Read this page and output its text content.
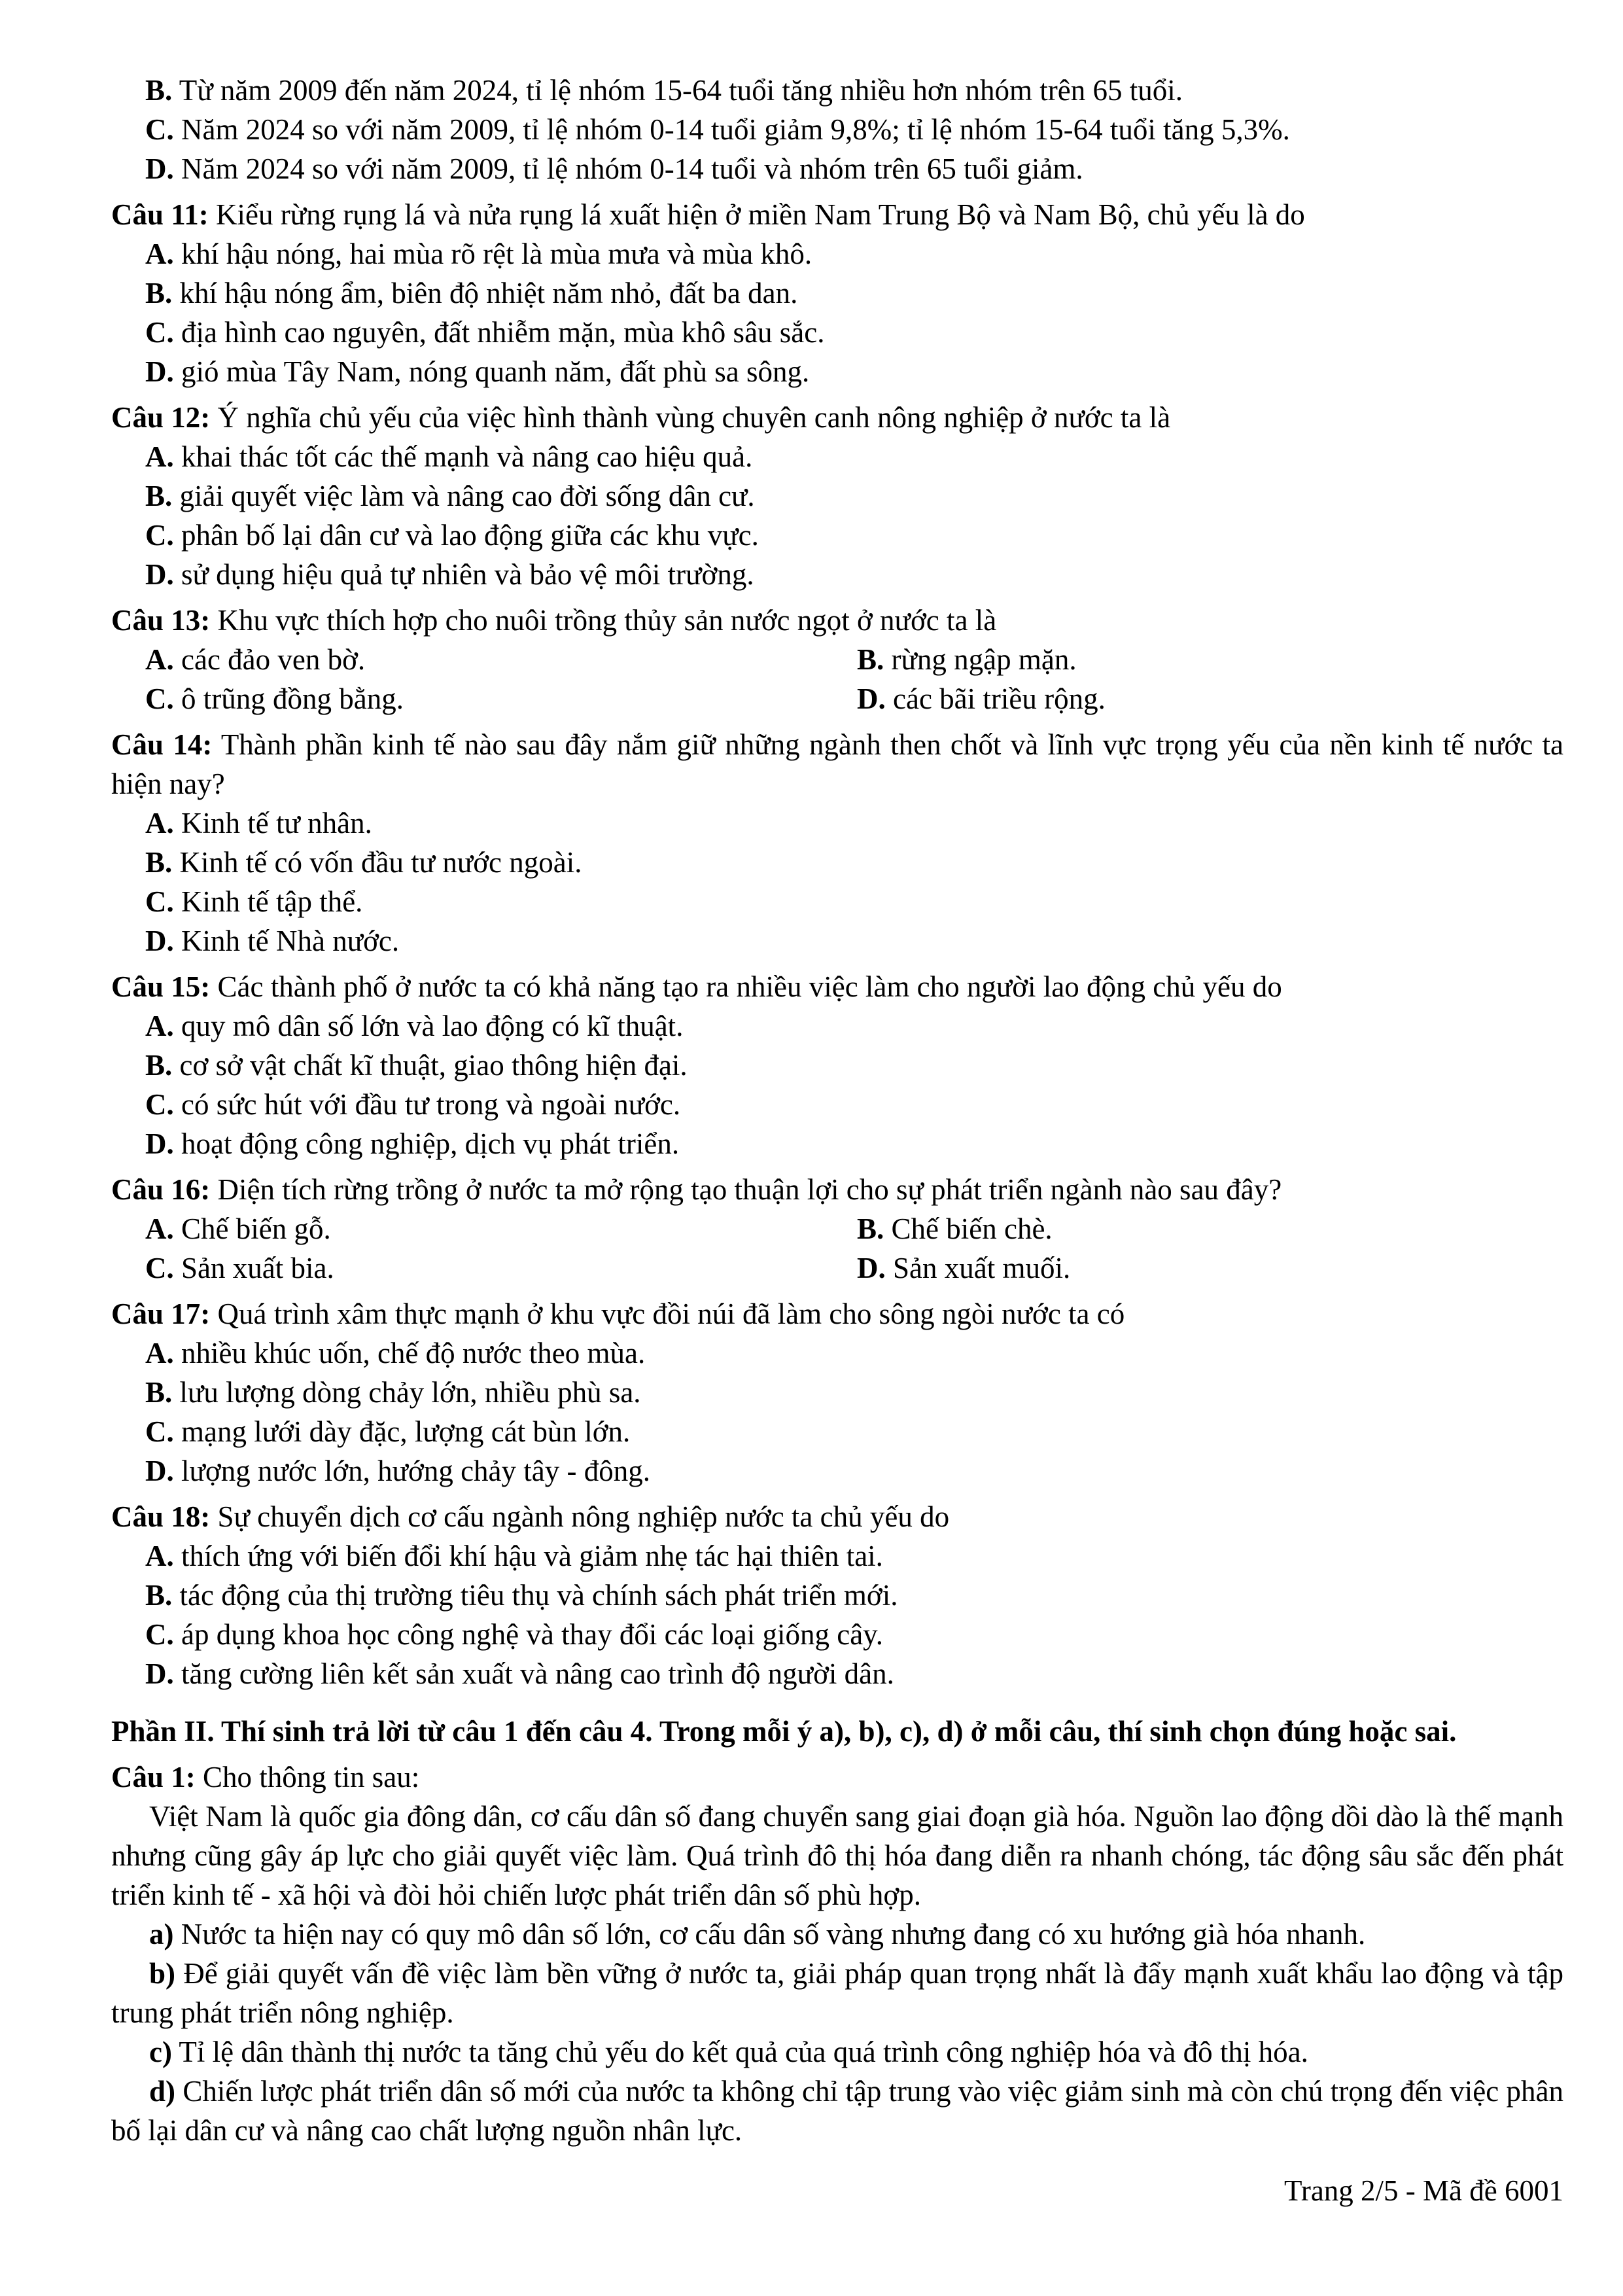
B. Từ năm 2009 đến năm 2024, tỉ lệ nhóm 15-64 tuổi tăng nhiều hơn nhóm trên 65 tuổi.

C. Năm 2024 so với năm 2009, tỉ lệ nhóm 0-14 tuổi giảm 9,8%; tỉ lệ nhóm 15-64 tuổi tăng 5,3%.

D. Năm 2024 so với năm 2009, tỉ lệ nhóm 0-14 tuổi và nhóm trên 65 tuổi giảm.

Câu 11: Kiểu rừng rụng lá và nửa rụng lá xuất hiện ở miền Nam Trung Bộ và Nam Bộ, chủ yếu là do

A. khí hậu nóng, hai mùa rõ rệt là mùa mưa và mùa khô.

B. khí hậu nóng ẩm, biên độ nhiệt năm nhỏ, đất ba dan.

C. địa hình cao nguyên, đất nhiễm mặn, mùa khô sâu sắc.

D. gió mùa Tây Nam, nóng quanh năm, đất phù sa sông.

Câu 12: Ý nghĩa chủ yếu của việc hình thành vùng chuyên canh nông nghiệp ở nước ta là

A. khai thác tốt các thế mạnh và nâng cao hiệu quả.

B. giải quyết việc làm và nâng cao đời sống dân cư.

C. phân bố lại dân cư và lao động giữa các khu vực.

D. sử dụng hiệu quả tự nhiên và bảo vệ môi trường.

Câu 13: Khu vực thích hợp cho nuôi trồng thủy sản nước ngọt ở nước ta là

A. các đảo ven bờ.	B. rừng ngập mặn.

C. ô trũng đồng bằng.	D. các bãi triều rộng.

Câu 14: Thành phần kinh tế nào sau đây nắm giữ những ngành then chốt và lĩnh vực trọng yếu của nền kinh tế nước ta hiện nay?

A. Kinh tế tư nhân.

B. Kinh tế có vốn đầu tư nước ngoài.

C. Kinh tế tập thể.

D. Kinh tế Nhà nước.

Câu 15: Các thành phố ở nước ta có khả năng tạo ra nhiều việc làm cho người lao động chủ yếu do

A. quy mô dân số lớn và lao động có kĩ thuật.

B. cơ sở vật chất kĩ thuật, giao thông hiện đại.

C. có sức hút với đầu tư trong và ngoài nước.

D. hoạt động công nghiệp, dịch vụ phát triển.

Câu 16: Diện tích rừng trồng ở nước ta mở rộng tạo thuận lợi cho sự phát triển ngành nào sau đây?

A. Chế biến gỗ.	B. Chế biến chè.

C. Sản xuất bia.	D. Sản xuất muối.

Câu 17: Quá trình xâm thực mạnh ở khu vực đồi núi đã làm cho sông ngòi nước ta có

A. nhiều khúc uốn, chế độ nước theo mùa.

B. lưu lượng dòng chảy lớn, nhiều phù sa.

C. mạng lưới dày đặc, lượng cát bùn lớn.

D. lượng nước lớn, hướng chảy tây - đông.

Câu 18: Sự chuyển dịch cơ cấu ngành nông nghiệp nước ta chủ yếu do

A. thích ứng với biến đổi khí hậu và giảm nhẹ tác hại thiên tai.

B. tác động của thị trường tiêu thụ và chính sách phát triển mới.

C. áp dụng khoa học công nghệ và thay đổi các loại giống cây.

D. tăng cường liên kết sản xuất và nâng cao trình độ người dân.

Phần II. Thí sinh trả lời từ câu 1 đến câu 4. Trong mỗi ý a), b), c), d) ở mỗi câu, thí sinh chọn đúng hoặc sai.

Câu 1: Cho thông tin sau:

Việt Nam là quốc gia đông dân, cơ cấu dân số đang chuyển sang giai đoạn già hóa. Nguồn lao động dồi dào là thế mạnh nhưng cũng gây áp lực cho giải quyết việc làm. Quá trình đô thị hóa đang diễn ra nhanh chóng, tác động sâu sắc đến phát triển kinh tế - xã hội và đòi hỏi chiến lược phát triển dân số phù hợp.

a) Nước ta hiện nay có quy mô dân số lớn, cơ cấu dân số vàng nhưng đang có xu hướng già hóa nhanh.

b) Để giải quyết vấn đề việc làm bền vững ở nước ta, giải pháp quan trọng nhất là đẩy mạnh xuất khẩu lao động và tập trung phát triển nông nghiệp.

c) Tỉ lệ dân thành thị nước ta tăng chủ yếu do kết quả của quá trình công nghiệp hóa và đô thị hóa.

d) Chiến lược phát triển dân số mới của nước ta không chỉ tập trung vào việc giảm sinh mà còn chú trọng đến việc phân bố lại dân cư và nâng cao chất lượng nguồn nhân lực.

Trang 2/5 - Mã đề 6001
